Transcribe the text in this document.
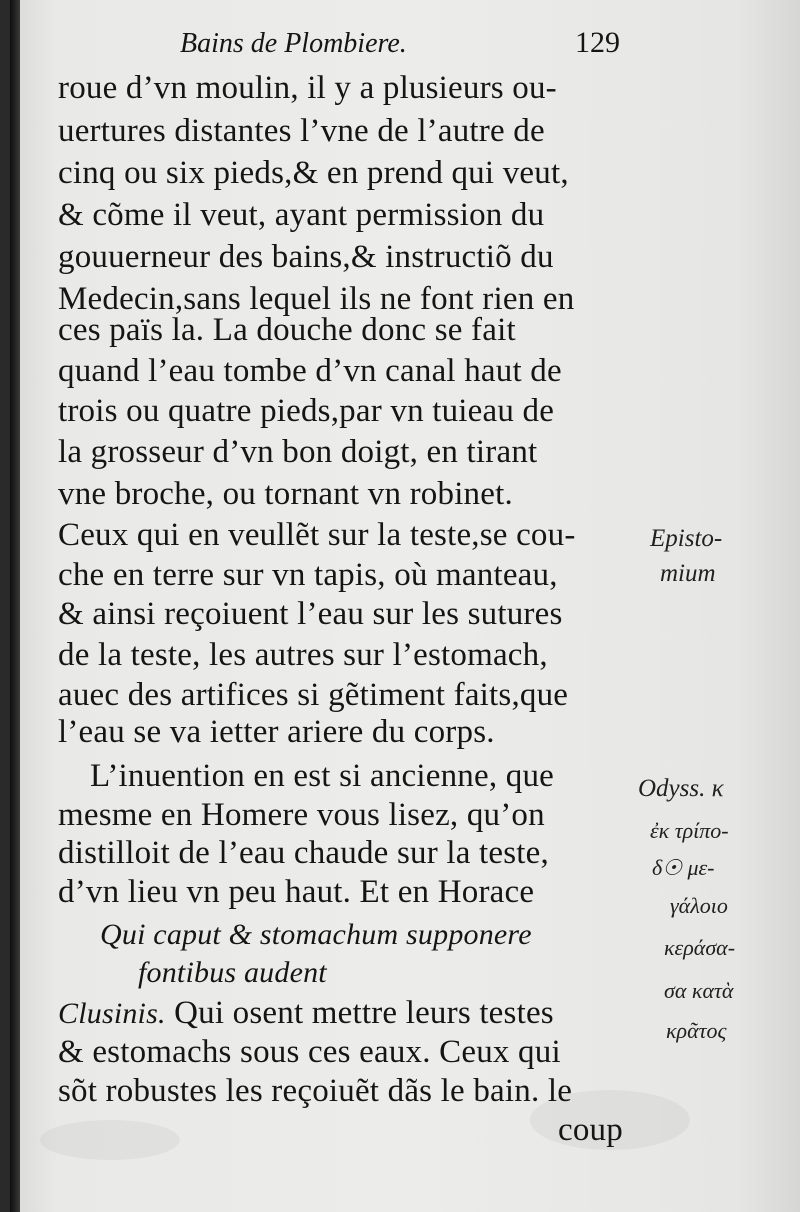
Bains de Plombiere.	129
roue d’vn moulin, il y a plusieurs ou-
uertures distantes l’vne de l’autre de
cinq ou six pieds,& en prend qui veut,
& cõme il veut, ayant permission du
gouuerneur des bains,& instructiõ du
Medecin,sans lequel ils ne font rien en
ces païs la. La douche donc se fait
quand l’eau tombe d’vn canal haut de
trois ou quatre pieds,par vn tuieau de
la grosseur d’vn bon doigt, en tirant
vne broche, ou tornant vn robinet.
Ceux qui en veullẽt sur la teste,se cou-
che en terre sur vn tapis, où manteau,
& ainsi reçoiuent l’eau sur les sutures
de la teste, les autres sur l’estomach,
auec des artifices si gẽtiment faits,que
l’eau se va ietter ariere du corps.
L’inuention en est si ancienne, que
mesme en Homere vous lisez, qu’on
distilloit de l’eau chaude sur la teste,
d’vn lieu vn peu haut. Et en Horace
Qui caput & stomachum supponere
fontibus audent
Clusinis. Qui osent mettre leurs testes
& estomachs sous ces eaux. Ceux qui
sõt robustes les reçoiuẽt dãs le bain. le
coup
Episto-
mium
Odyss. κ
ἐκ τρίπο-
δ☉ με-
γάλοιο
κεράσα-
σα κατὰ
κρᾶτος
